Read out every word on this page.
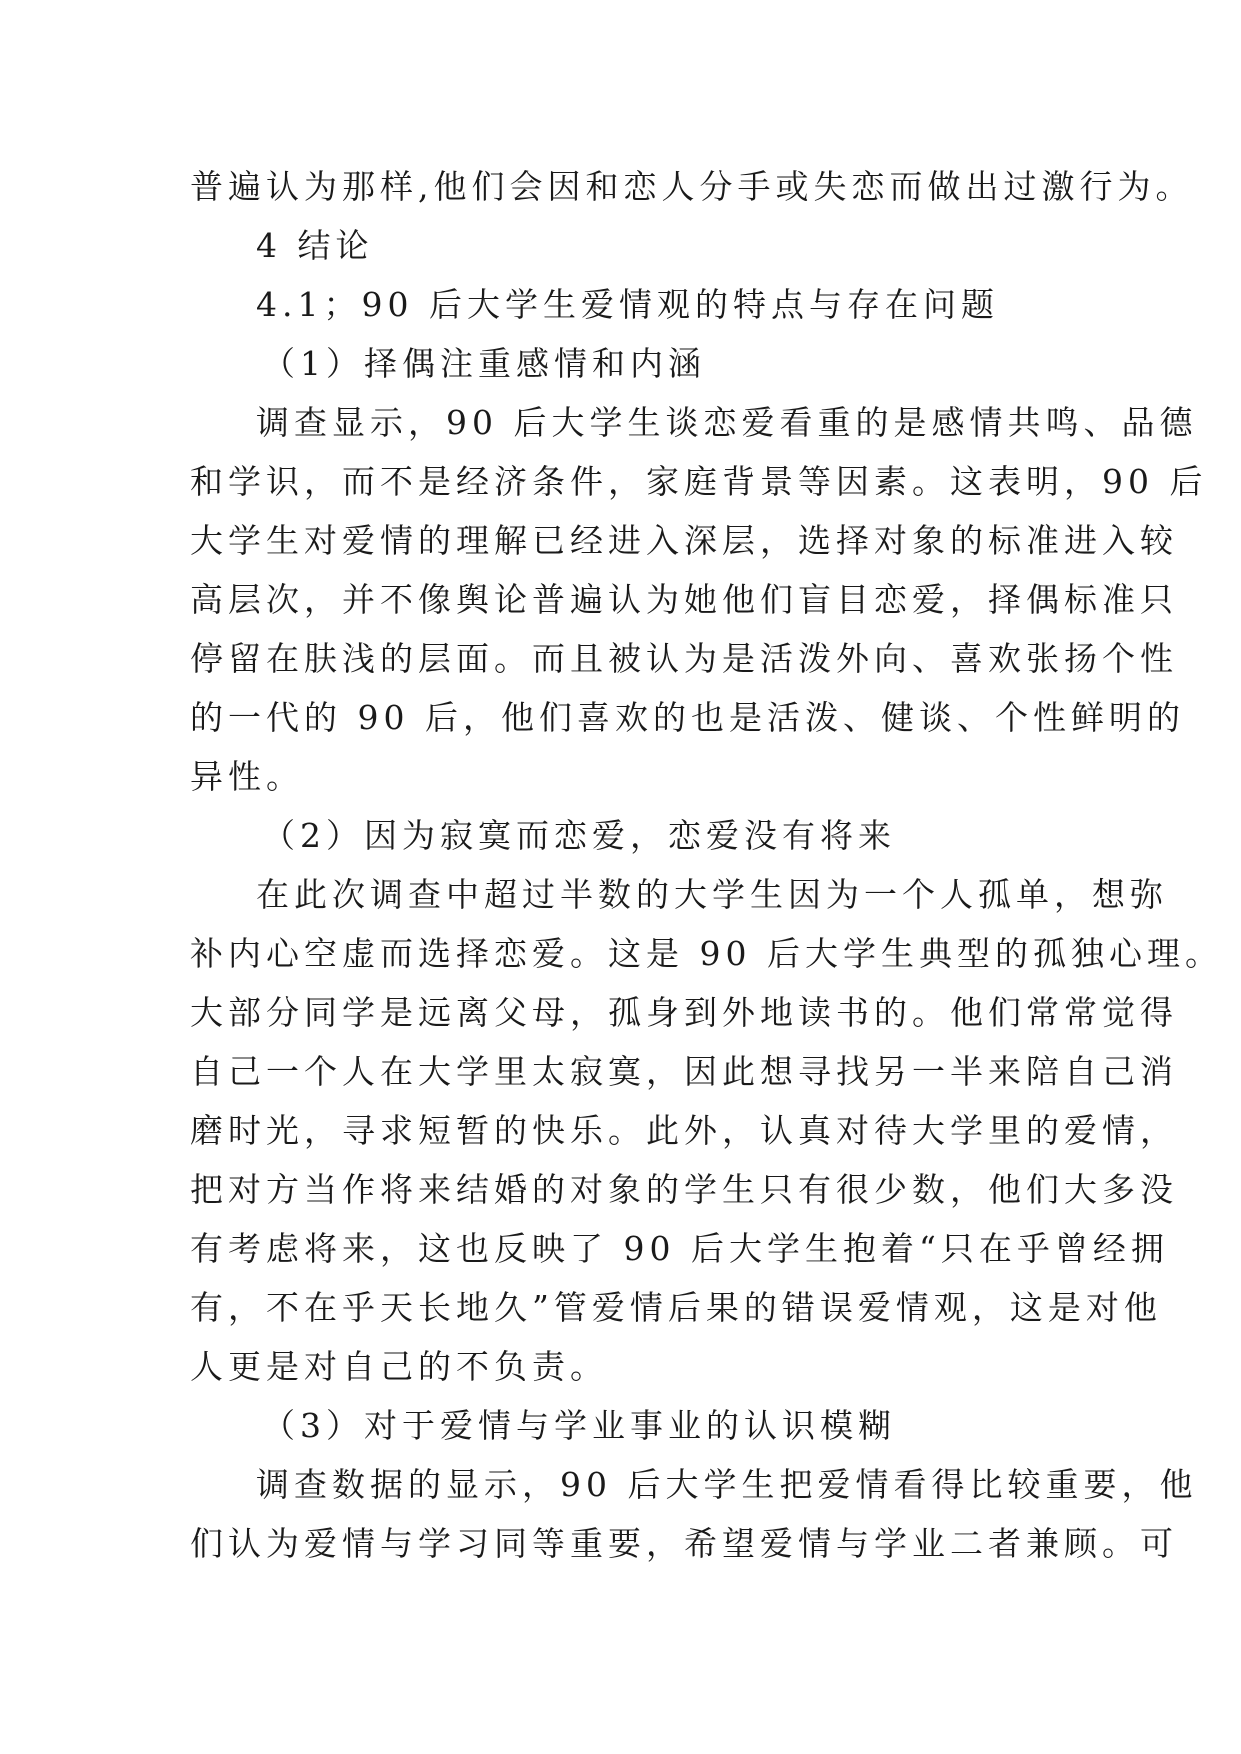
普遍认为那样,他们会因和恋人分手或失恋而做出过激行为。
4 结论
4.1；90 后大学生爱情观的特点与存在问题
（1）择偶注重感情和内涵
调查显示，90 后大学生谈恋爱看重的是感情共鸣、品德
和学识，而不是经济条件，家庭背景等因素。这表明，90 后
大学生对爱情的理解已经进入深层，选择对象的标准进入较
高层次，并不像舆论普遍认为她他们盲目恋爱，择偶标准只
停留在肤浅的层面。而且被认为是活泼外向、喜欢张扬个性
的一代的 90 后，他们喜欢的也是活泼、健谈、个性鲜明的
异性。
（2）因为寂寞而恋爱，恋爱没有将来
在此次调查中超过半数的大学生因为一个人孤单，想弥
补内心空虚而选择恋爱。这是 90 后大学生典型的孤独心理。
大部分同学是远离父母，孤身到外地读书的。他们常常觉得
自己一个人在大学里太寂寞，因此想寻找另一半来陪自己消
磨时光，寻求短暂的快乐。此外，认真对待大学里的爱情，
把对方当作将来结婚的对象的学生只有很少数，他们大多没
有考虑将来，这也反映了 90 后大学生抱着“只在乎曾经拥
有，不在乎天长地久”管爱情后果的错误爱情观，这是对他
人更是对自己的不负责。
（3）对于爱情与学业事业的认识模糊
调查数据的显示，90 后大学生把爱情看得比较重要，他
们认为爱情与学习同等重要，希望爱情与学业二者兼顾。可
